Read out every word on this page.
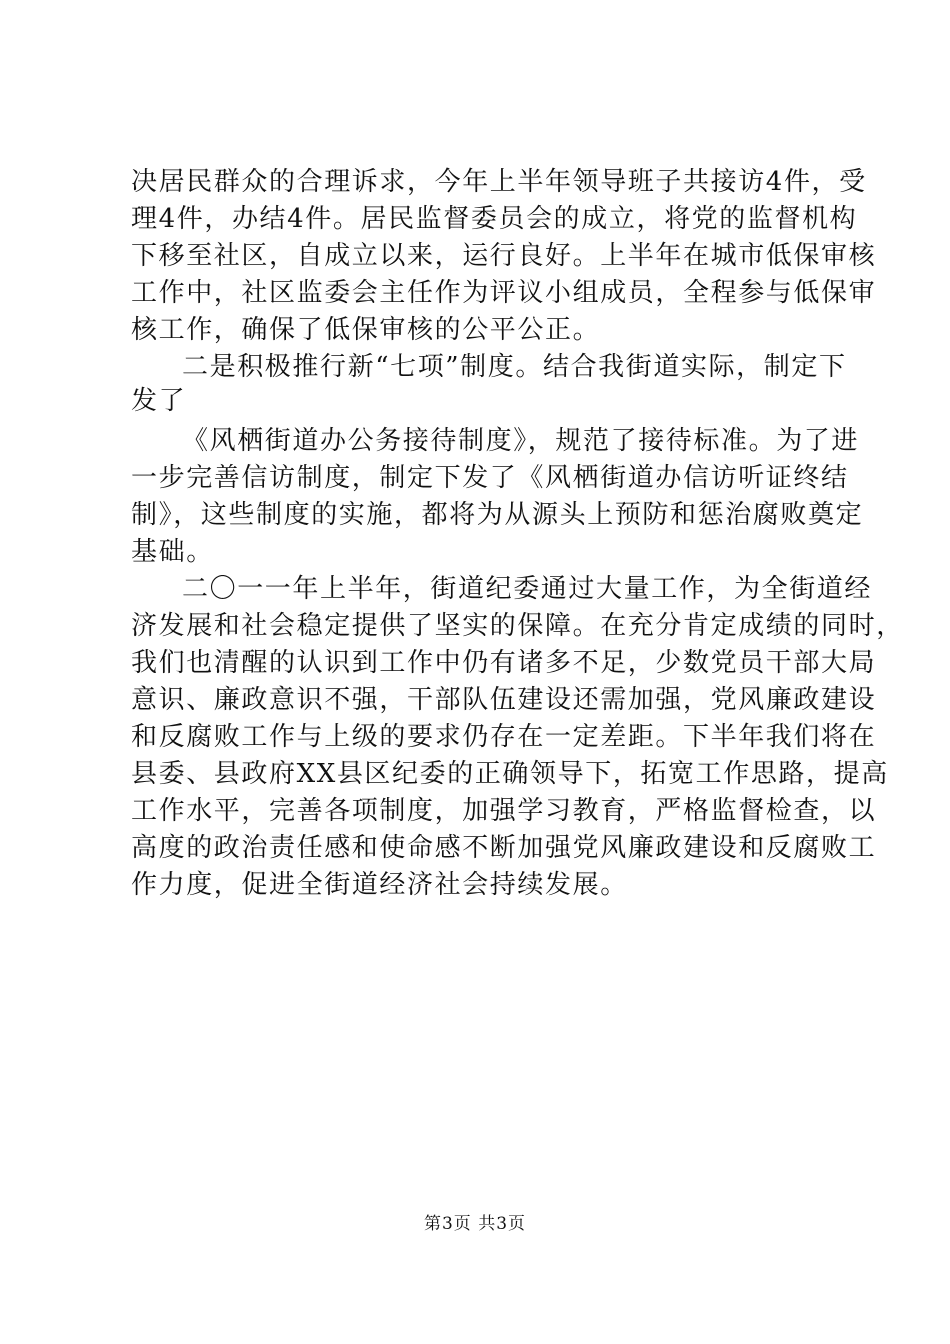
决居民群众的合理诉求，今年上半年领导班子共接访4件，受
理4件，办结4件。居民监督委员会的成立，将党的监督机构
下移至社区，自成立以来，运行良好。上半年在城市低保审核
工作中，社区监委会主任作为评议小组成员，全程参与低保审
核工作，确保了低保审核的公平公正。
二是积极推行新“七项”制度。结合我街道实际，制定下
发了
《风栖街道办公务接待制度》，规范了接待标准。为了进
一步完善信访制度，制定下发了《风栖街道办信访听证终结
制》，这些制度的实施，都将为从源头上预防和惩治腐败奠定
基础。
二〇一一年上半年，街道纪委通过大量工作，为全街道经
济发展和社会稳定提供了坚实的保障。在充分肯定成绩的同时，
我们也清醒的认识到工作中仍有诸多不足，少数党员干部大局
意识、廉政意识不强，干部队伍建设还需加强，党风廉政建设
和反腐败工作与上级的要求仍存在一定差距。下半年我们将在
县委、县政府XX县区纪委的正确领导下，拓宽工作思路，提高
工作水平，完善各项制度，加强学习教育，严格监督检查，以
高度的政治责任感和使命感不断加强党风廉政建设和反腐败工
作力度，促进全街道经济社会持续发展。
第3页 共3页
